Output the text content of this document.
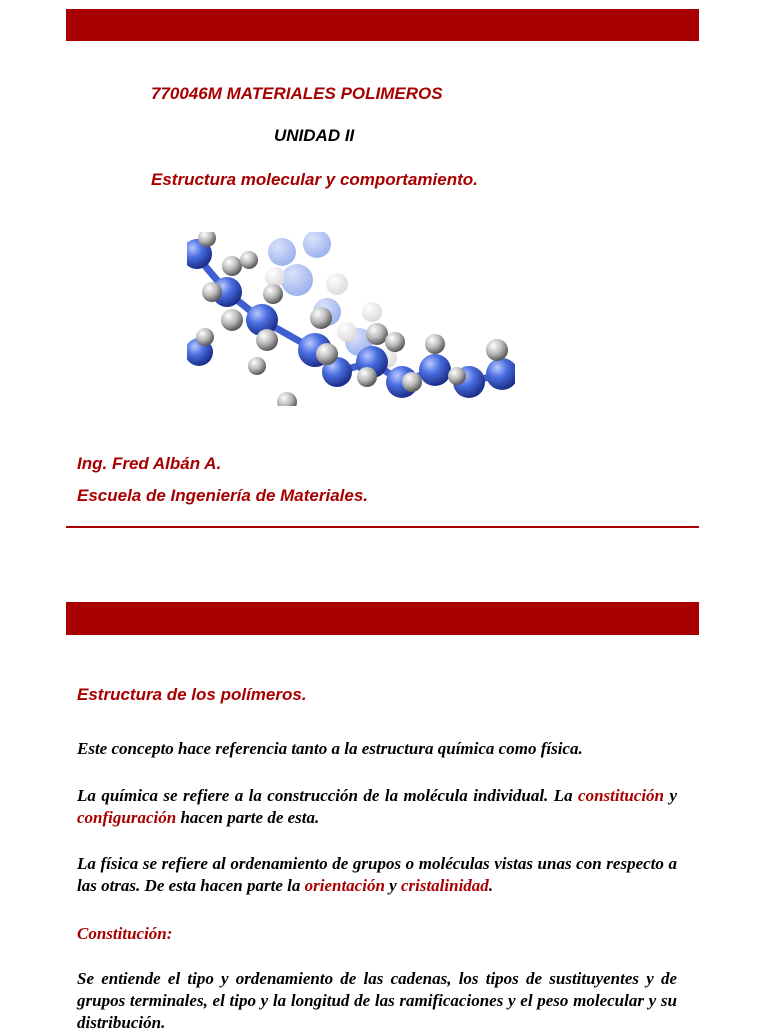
770046M MATERIALES POLIMEROS
UNIDAD II
Estructura molecular y comportamiento.
Ing. Fred Albán A.
Escuela de Ingeniería de Materiales.
Estructura de los polímeros.
Este concepto hace referencia tanto a la estructura química como física.
La química se refiere a la construcción de la molécula individual. La constitución y configuración hacen parte de esta.
La física se refiere al ordenamiento de grupos o moléculas vistas unas con respecto a las otras. De esta hacen parte la orientación y cristalinidad.
Constitución:
Se entiende el tipo y ordenamiento de las cadenas, los tipos de sustituyentes y de grupos terminales, el tipo y la longitud de las ramificaciones y el peso molecular y su distribución.
